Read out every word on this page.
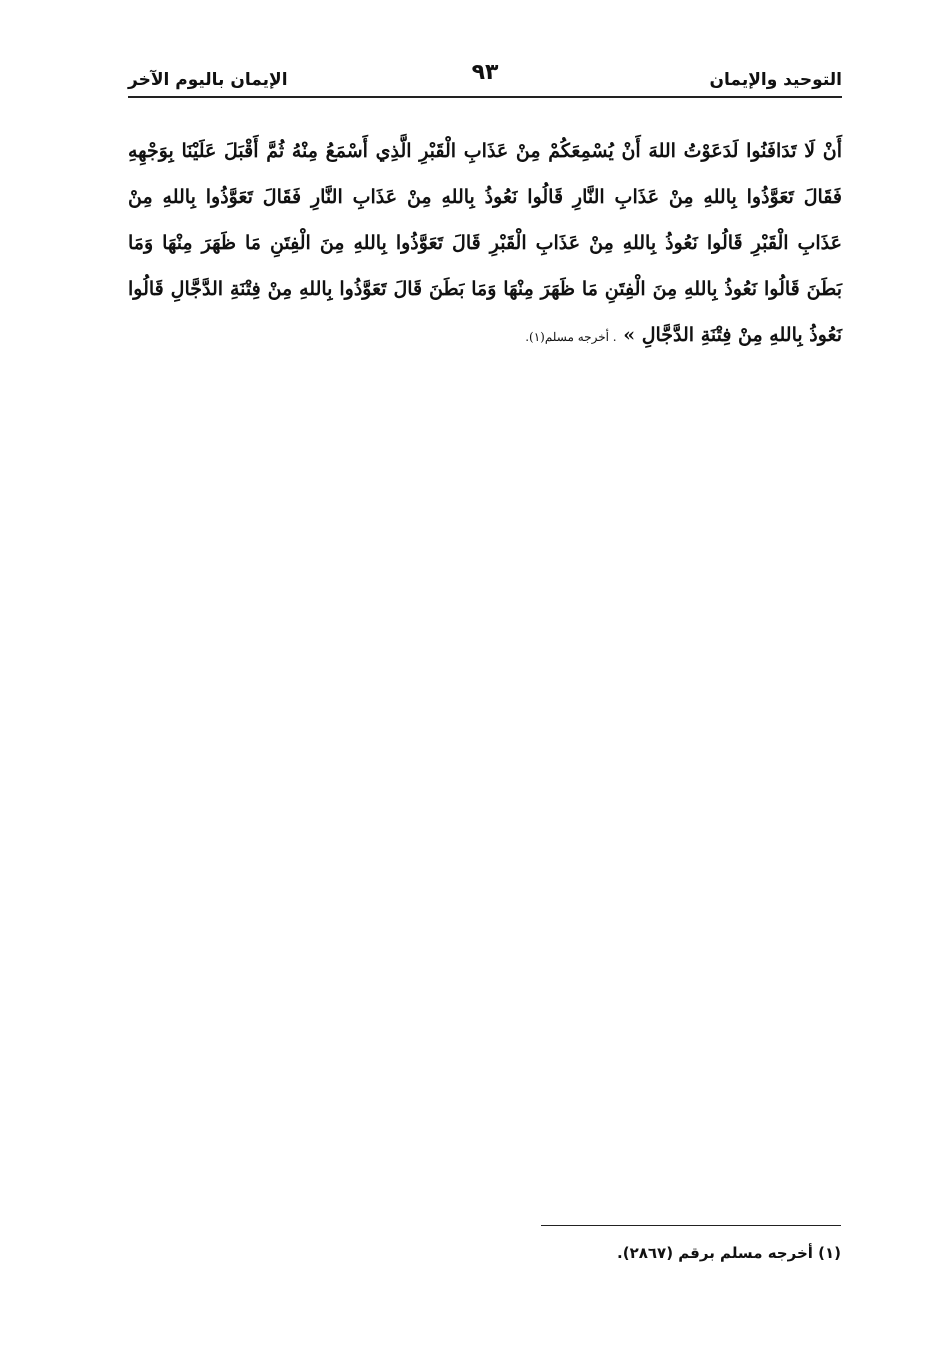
التوحيد والإيمان
٩٣
الإيمان باليوم الآخر
أَنْ لَا تَدَافَنُوا لَدَعَوْتُ اللهَ أَنْ يُسْمِعَكُمْ مِنْ عَذَابِ الْقَبْرِ الَّذِي أَسْمَعُ مِنْهُ ثُمَّ أَقْبَلَ عَلَيْنَا بِوَجْهِهِ فَقَالَ تَعَوَّذُوا بِاللهِ مِنْ عَذَابِ النَّارِ قَالُوا نَعُوذُ بِاللهِ مِنْ عَذَابِ النَّارِ فَقَالَ تَعَوَّذُوا بِاللهِ مِنْ عَذَابِ الْقَبْرِ قَالُوا نَعُوذُ بِاللهِ مِنْ عَذَابِ الْقَبْرِ قَالَ تَعَوَّذُوا بِاللهِ مِنَ الْفِتَنِ مَا ظَهَرَ مِنْهَا وَمَا بَطَنَ قَالُوا نَعُوذُ بِاللهِ مِنَ الْفِتَنِ مَا ظَهَرَ مِنْهَا وَمَا بَطَنَ قَالَ تَعَوَّذُوا بِاللهِ مِنْ فِتْنَةِ الدَّجَّالِ قَالُوا نَعُوذُ بِاللهِ مِنْ فِتْنَةِ الدَّجَّالِ » . أخرجه مسلم(١).
(١) أخرجه مسلم برقم (٢٨٦٧).
